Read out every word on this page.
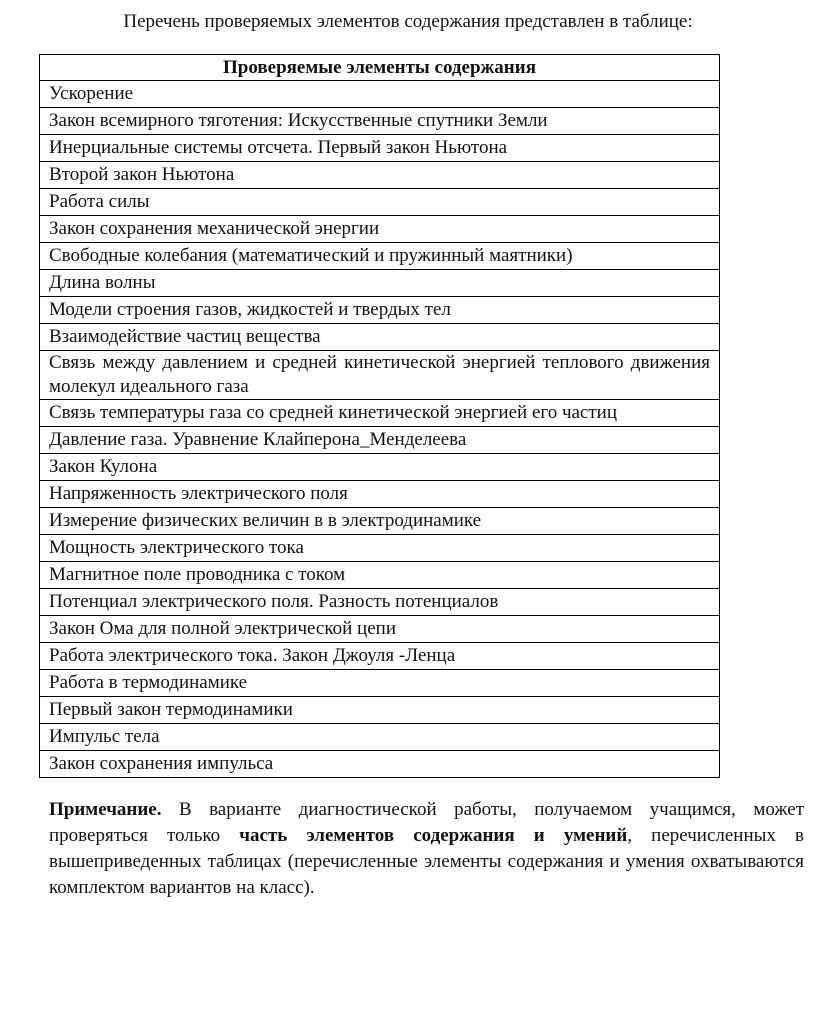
Перечень проверяемых элементов содержания представлен в таблице:

Проверяемые элементы содержания
Ускорение
Закон всемирного тяготения: Искусственные спутники Земли
Инерциальные системы отсчета. Первый закон Ньютона
Второй закон Ньютона
Работа силы
Закон сохранения механической энергии
Свободные колебания (математический и пружинный маятники)
Длина волны
Модели строения газов, жидкостей и твердых тел
Взаимодействие частиц вещества
Связь между давлением и средней кинетической энергией теплового движения молекул идеального газа
Связь температуры газа со средней кинетической энергией его частиц
Давление газа. Уравнение Клайперона_Менделеева
Закон Кулона
Напряженность электрического поля
Измерение физических величин в в электродинамике
Мощность электрического тока
Магнитное поле проводника с током
Потенциал электрического поля. Разность потенциалов
Закон Ома для полной электрической цепи
Работа электрического тока. Закон Джоуля -Ленца
Работа в термодинамике
Первый закон термодинамики
Импульс тела
Закон сохранения импульса

Примечание. В варианте диагностической работы, получаемом учащимся, может проверяться только часть элементов содержания и умений, перечисленных в вышеприведенных таблицах (перечисленные элементы содержания и умения охватываются комплектом вариантов на класс).
